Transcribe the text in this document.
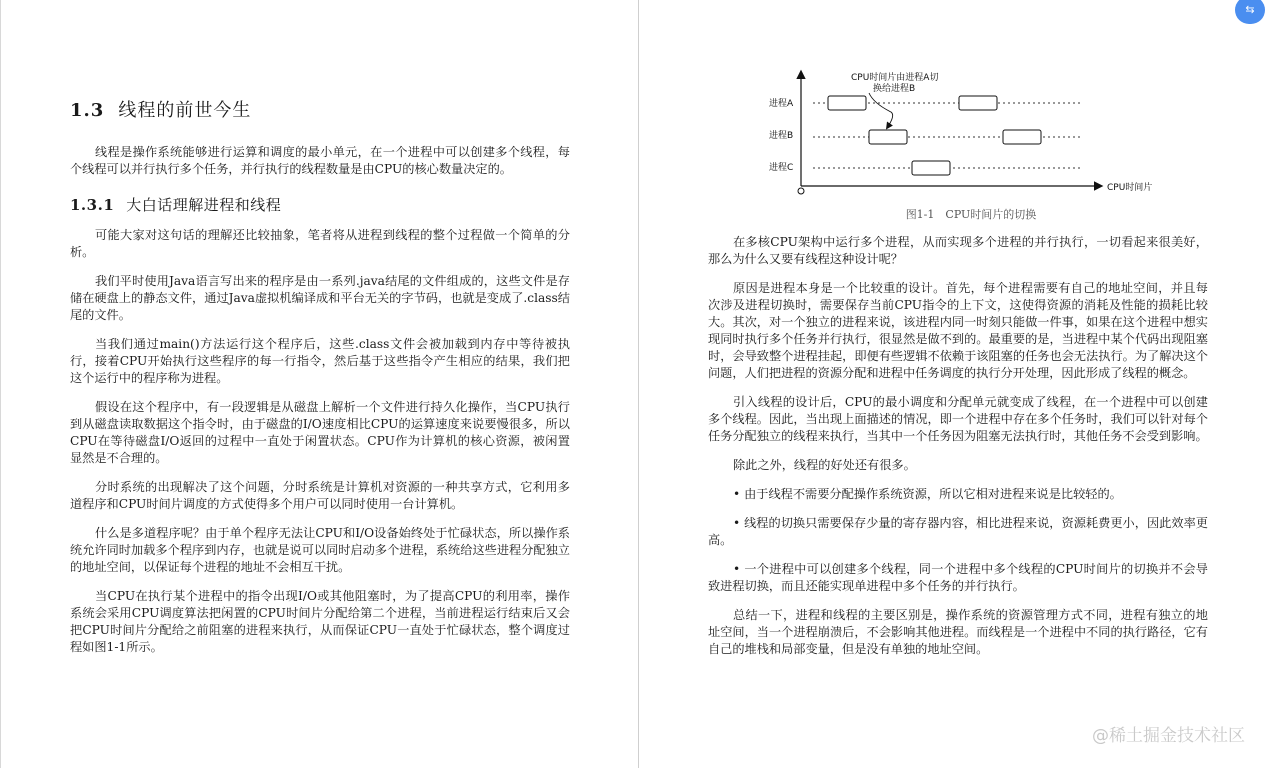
1.3 线程的前世今生

线程是操作系统能够进行运算和调度的最小单元，在一个进程中可以创建多个线程，每个线程可以并行执行多个任务，并行执行的线程数量是由CPU的核心数量决定的。

1.3.1 大白话理解进程和线程

可能大家对这句话的理解还比较抽象，笔者将从进程到线程的整个过程做一个简单的分析。

我们平时使用Java语言写出来的程序是由一系列.java结尾的文件组成的，这些文件是存储在硬盘上的静态文件，通过Java虚拟机编译成和平台无关的字节码，也就是变成了.class结尾的文件。

当我们通过main()方法运行这个程序后，这些.class文件会被加载到内存中等待被执行，接着CPU开始执行这些程序的每一行指令，然后基于这些指令产生相应的结果，我们把这个运行中的程序称为进程。

假设在这个程序中，有一段逻辑是从磁盘上解析一个文件进行持久化操作，当CPU执行到从磁盘读取数据这个指令时，由于磁盘的I/O速度相比CPU的运算速度来说要慢很多，所以CPU在等待磁盘I/O返回的过程中一直处于闲置状态。CPU作为计算机的核心资源，被闲置显然是不合理的。

分时系统的出现解决了这个问题，分时系统是计算机对资源的一种共享方式，它利用多道程序和CPU时间片调度的方式使得多个用户可以同时使用一台计算机。

什么是多道程序呢？由于单个程序无法让CPU和I/O设备始终处于忙碌状态，所以操作系统允许同时加载多个程序到内存，也就是说可以同时启动多个进程，系统给这些进程分配独立的地址空间，以保证每个进程的地址不会相互干扰。

当CPU在执行某个进程中的指令出现I/O或其他阻塞时，为了提高CPU的利用率，操作系统会采用CPU调度算法把闲置的CPU时间片分配给第二个进程，当前进程运行结束后又会把CPU时间片分配给之前阻塞的进程来执行，从而保证CPU一直处于忙碌状态，整个调度过程如图1-1所示。

⇆
进程A
进程B
进程C
CPU时间片由进程A切
换给进程B
CPU时间片
图1-1　CPU时间片的切换

在多核CPU架构中运行多个进程，从而实现多个进程的并行执行，一切看起来很美好，那么为什么又要有线程这种设计呢？

原因是进程本身是一个比较重的设计。首先，每个进程需要有自己的地址空间，并且每次涉及进程切换时，需要保存当前CPU指令的上下文，这使得资源的消耗及性能的损耗比较大。其次，对一个独立的进程来说，该进程内同一时刻只能做一件事，如果在这个进程中想实现同时执行多个任务并行执行，很显然是做不到的。最重要的是，当进程中某个代码出现阻塞时，会导致整个进程挂起，即便有些逻辑不依赖于该阻塞的任务也会无法执行。为了解决这个问题，人们把进程的资源分配和进程中任务调度的执行分开处理，因此形成了线程的概念。

引入线程的设计后，CPU的最小调度和分配单元就变成了线程，在一个进程中可以创建多个线程。因此，当出现上面描述的情况，即一个进程中存在多个任务时，我们可以针对每个任务分配独立的线程来执行，当其中一个任务因为阻塞无法执行时，其他任务不会受到影响。

除此之外，线程的好处还有很多。

• 由于线程不需要分配操作系统资源，所以它相对进程来说是比较轻的。

• 线程的切换只需要保存少量的寄存器内容，相比进程来说，资源耗费更小，因此效率更高。

• 一个进程中可以创建多个线程，同一个进程中多个线程的CPU时间片的切换并不会导致进程切换，而且还能实现单进程中多个任务的并行执行。

总结一下，进程和线程的主要区别是，操作系统的资源管理方式不同，进程有独立的地址空间，当一个进程崩溃后，不会影响其他进程。而线程是一个进程中不同的执行路径，它有自己的堆栈和局部变量，但是没有单独的地址空间。

@稀土掘金技术社区
